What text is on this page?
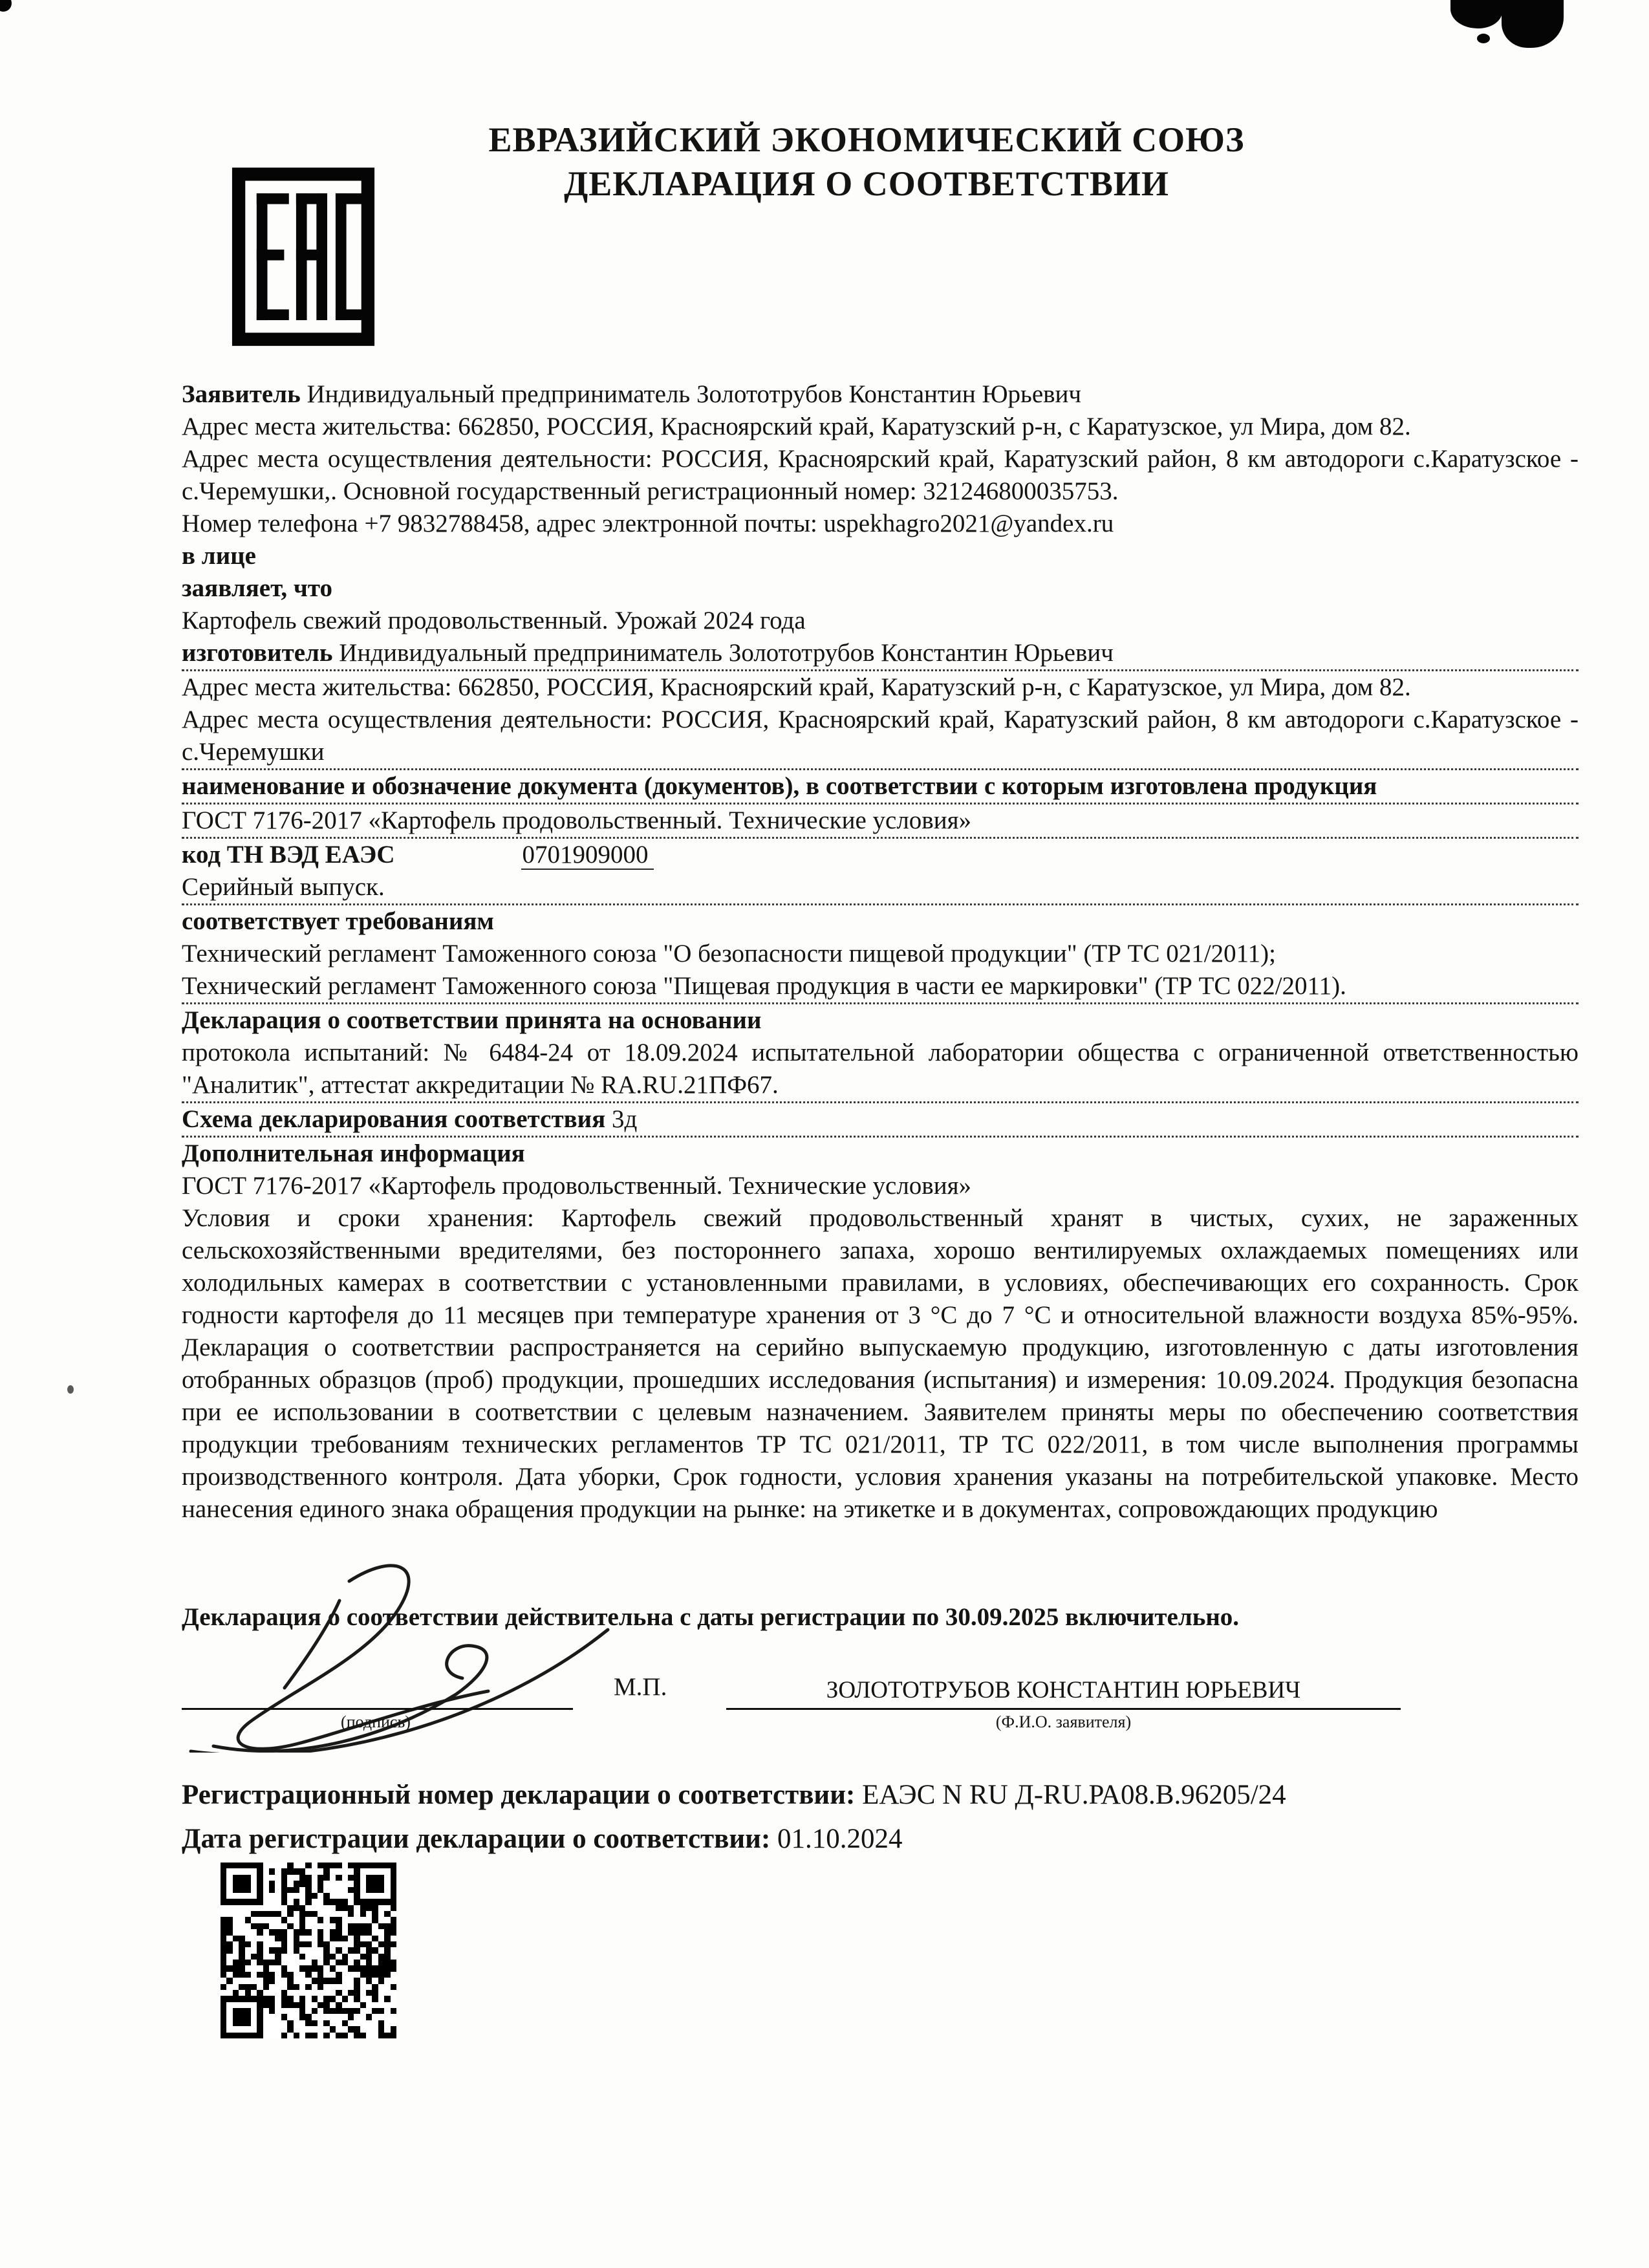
ЕВРАЗИЙСКИЙ ЭКОНОМИЧЕСКИЙ СОЮЗ
ДЕКЛАРАЦИЯ О СООТВЕТСТВИИ

Заявитель Индивидуальный предприниматель Золототрубов Константин Юрьевич

Адрес места жительства: 662850, РОССИЯ, Красноярский край, Каратузский р-н, с Каратузское, ул Мира, дом 82.

Адрес места осуществления деятельности: РОССИЯ, Красноярский край, Каратузский район, 8 км автодороги с.Каратузское - с.Черемушки,. Основной государственный регистрационный номер: 321246800035753.

Номер телефона +7 9832788458, адрес электронной почты: uspekhagro2021@yandex.ru

в лице

заявляет, что

Картофель свежий продовольственный. Урожай 2024 года

изготовитель Индивидуальный предприниматель Золототрубов Константин Юрьевич

Адрес места жительства: 662850, РОССИЯ, Красноярский край, Каратузский р-н, с Каратузское, ул Мира, дом 82.

Адрес места осуществления деятельности: РОССИЯ, Красноярский край, Каратузский район, 8 км автодороги с.Каратузское - с.Черемушки

наименование и обозначение документа (документов), в соответствии с которым изготовлена продукция

ГОСТ 7176-2017 «Картофель продовольственный. Технические условия»

код ТН ВЭД ЕАЭС	0701909000

Серийный выпуск.

соответствует требованиям

Технический регламент Таможенного союза "О безопасности пищевой продукции" (ТР ТС 021/2011);

Технический регламент Таможенного союза "Пищевая продукция в части ее маркировки" (ТР ТС 022/2011).

Декларация о соответствии принята на основании

протокола испытаний: № 6484-24 от 18.09.2024 испытательной лаборатории общества с ограниченной ответственностью "Аналитик", аттестат аккредитации № RA.RU.21ПФ67.

Схема декларирования соответствия 3д

Дополнительная информация

ГОСТ 7176-2017 «Картофель продовольственный. Технические условия»

Условия и сроки хранения: Картофель свежий продовольственный хранят в чистых, сухих, не зараженных сельскохозяйственными вредителями, без постороннего запаха, хорошо вентилируемых охлаждаемых помещениях или холодильных камерах в соответствии с установленными правилами, в условиях, обеспечивающих его сохранность. Срок годности картофеля до 11 месяцев при температуре хранения от 3 °С до 7 °С и относительной влажности воздуха 85%-95%. Декларация о соответствии распространяется на серийно выпускаемую продукцию, изготовленную с даты изготовления отобранных образцов (проб) продукции, прошедших исследования (испытания) и измерения: 10.09.2024. Продукция безопасна при ее использовании в соответствии с целевым назначением. Заявителем приняты меры по обеспечению соответствия продукции требованиям технических регламентов ТР ТС 021/2011, ТР ТС 022/2011, в том числе выполнения программы производственного контроля. Дата уборки, Срок годности, условия хранения указаны на потребительской упаковке. Место нанесения единого знака обращения продукции на рынке: на этикетке и в документах, сопровождающих продукцию

Декларация о соответствии действительна с даты регистрации по 30.09.2025 включительно.
(подпись)
М.П.	ЗОЛОТОТРУБОВ КОНСТАНТИН ЮРЬЕВИЧ
(Ф.И.О. заявителя)
Регистрационный номер декларации о соответствии: ЕАЭС N RU Д-RU.РА08.В.96205/24
Дата регистрации декларации о соответствии: 01.10.2024
